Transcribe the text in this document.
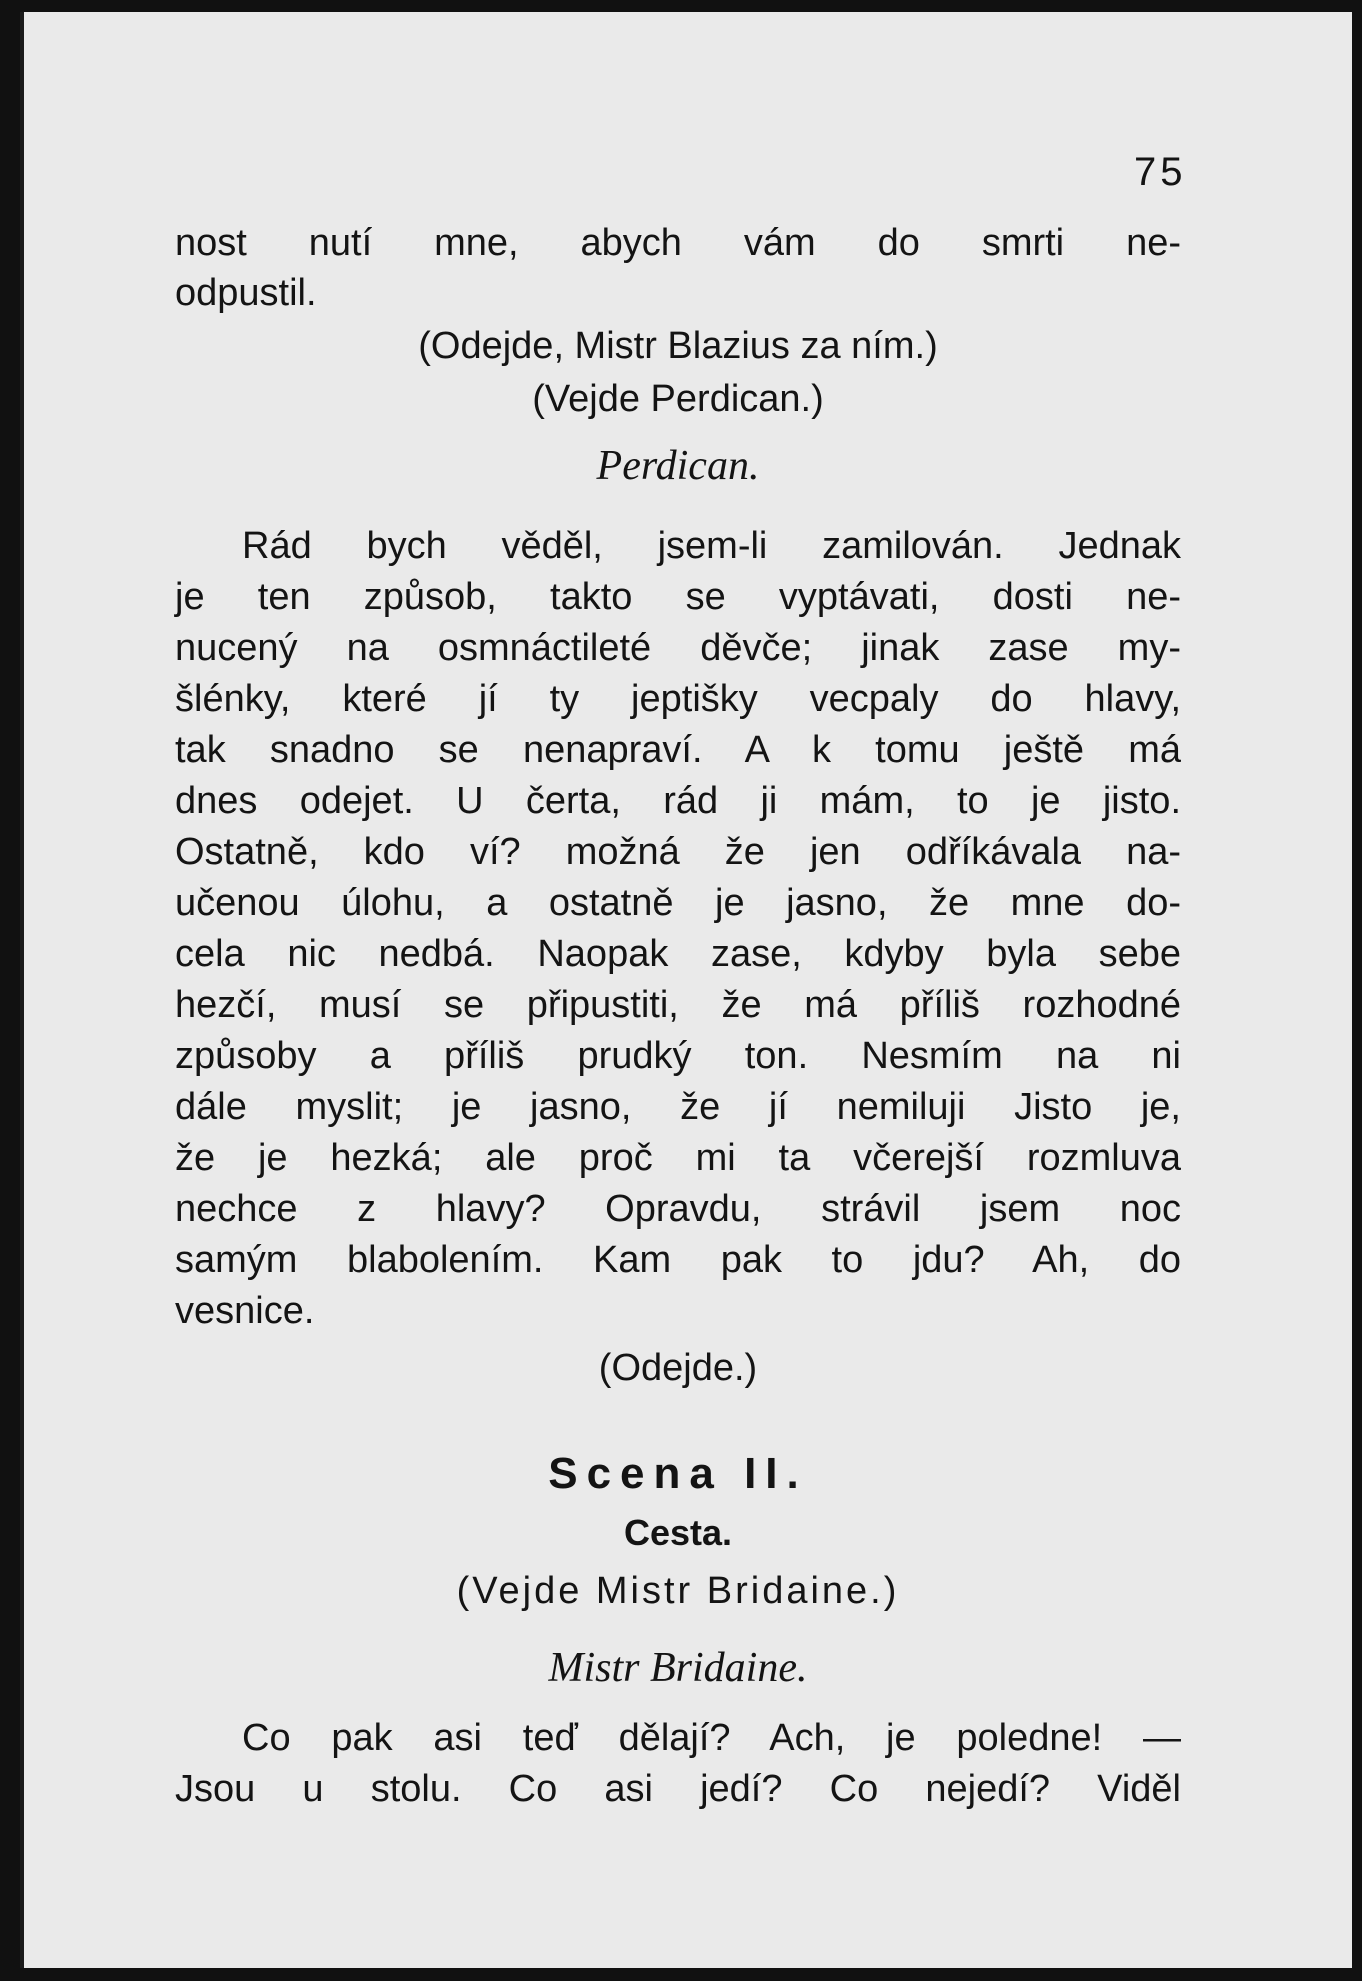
75
nost nutí mne, abych vám do smrti ne-
odpustil.
(Odejde, Mistr Blazius za ním.)
(Vejde Perdican.)
Perdican.
Rád bych věděl, jsem-li zamilován. Jednak
je ten způsob, takto se vyptávati, dosti ne-
nucený na osmnáctileté děvče; jinak zase my-
šlénky, které jí ty jeptišky vecpaly do hlavy,
tak snadno se nenapraví. A k tomu ještě má
dnes odejet. U čerta, rád ji mám, to je jisto.
Ostatně, kdo ví? možná že jen odříkávala na-
učenou úlohu, a ostatně je jasno, že mne do-
cela nic nedbá. Naopak zase, kdyby byla sebe
hezčí, musí se připustiti, že má příliš rozhodné
způsoby a příliš prudký ton. Nesmím na ni
dále myslit; je jasno, že jí nemiluji Jisto je,
že je hezká; ale proč mi ta včerejší rozmluva
nechce z hlavy? Opravdu, strávil jsem noc
samým blabolením. Kam pak to jdu? Ah, do
vesnice.
(Odejde.)
Scena II.
Cesta.
(Vejde Mistr Bridaine.)
Mistr Bridaine.
Co pak asi teď dělají? Ach, je poledne! —
Jsou u stolu. Co asi jedí? Co nejedí? Viděl
